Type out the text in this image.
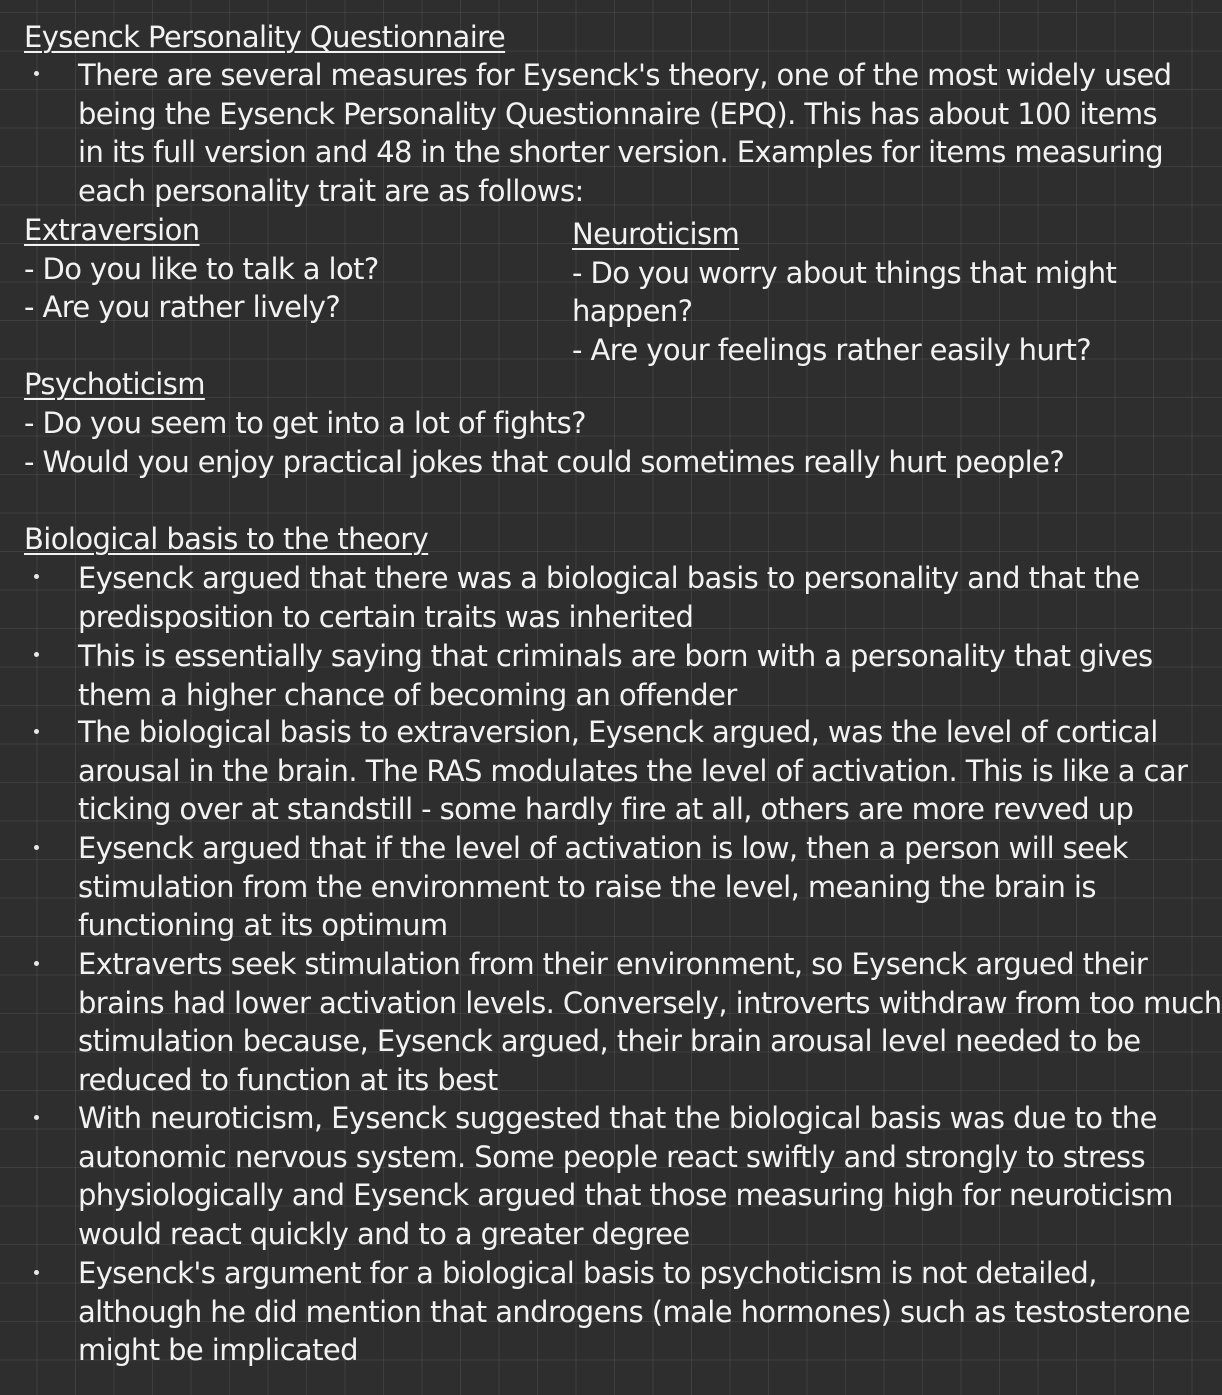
Eysenck Personality Questionnaire
There are several measures for Eysenck's theory, one of the most widely used
being the Eysenck Personality Questionnaire (EPQ). This has about 100 items
in its full version and 48 in the shorter version. Examples for items measuring
each personality trait are as follows:
Extraversion
- Do you like to talk a lot?
- Are you rather lively?
Neuroticism
- Do you worry about things that might
happen?
- Are your feelings rather easily hurt?
Psychoticism
- Do you seem to get into a lot of fights?
- Would you enjoy practical jokes that could sometimes really hurt people?
Biological basis to the theory
Eysenck argued that there was a biological basis to personality and that the
predisposition to certain traits was inherited
This is essentially saying that criminals are born with a personality that gives
them a higher chance of becoming an offender
The biological basis to extraversion, Eysenck argued, was the level of cortical
arousal in the brain. The RAS modulates the level of activation. This is like a car
ticking over at standstill - some hardly fire at all, others are more revved up
Eysenck argued that if the level of activation is low, then a person will seek
stimulation from the environment to raise the level, meaning the brain is
functioning at its optimum
Extraverts seek stimulation from their environment, so Eysenck argued their
brains had lower activation levels. Conversely, introverts withdraw from too much
stimulation because, Eysenck argued, their brain arousal level needed to be
reduced to function at its best
With neuroticism, Eysenck suggested that the biological basis was due to the
autonomic nervous system. Some people react swiftly and strongly to stress
physiologically and Eysenck argued that those measuring high for neuroticism
would react quickly and to a greater degree
Eysenck's argument for a biological basis to psychoticism is not detailed,
although he did mention that androgens (male hormones) such as testosterone
might be implicated
